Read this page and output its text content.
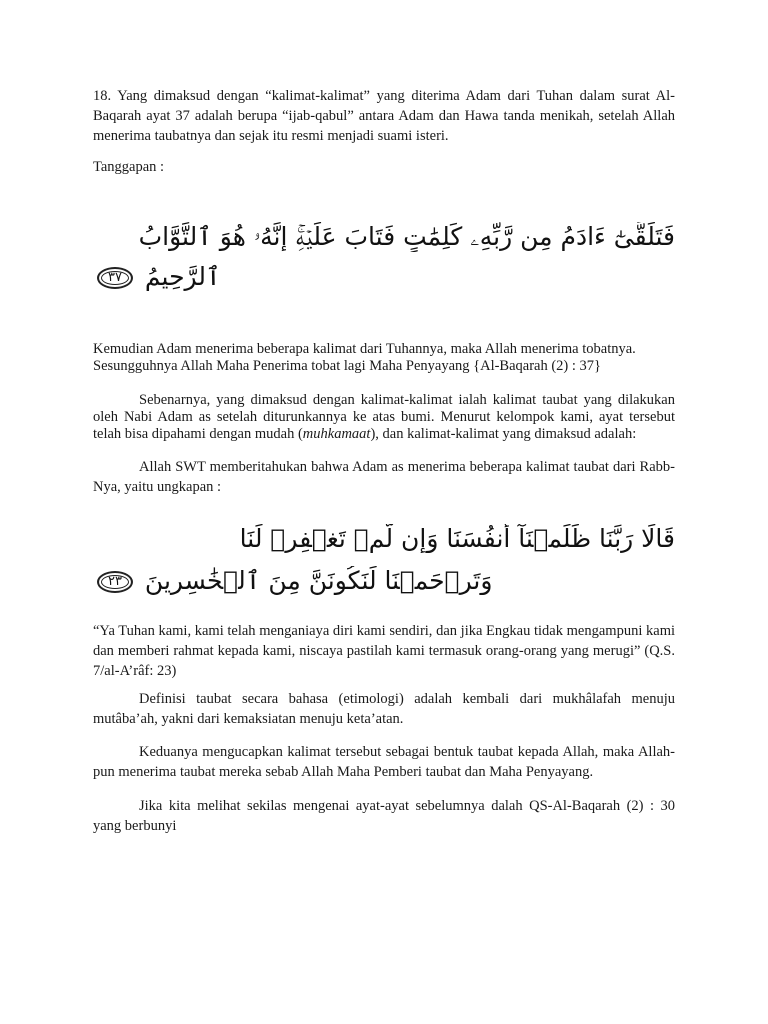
18. Yang dimaksud dengan “kalimat-kalimat” yang diterima Adam dari Tuhan dalam surat Al-Baqarah ayat 37 adalah berupa “ijab-qabul” antara Adam dan Hawa tanda menikah, setelah Allah menerima taubatnya dan sejak itu resmi menjadi suami isteri.
Tanggapan :
فَتَلَقَّىٰٓ ءَادَمُ مِن رَّبِّهِۦ كَلِمَٰتٍ فَتَابَ عَلَيۡهِۚ إِنَّهُۥ هُوَ ٱلتَّوَّابُ
ٱلرَّحِيمُ ٣٧
Kemudian Adam menerima beberapa kalimat dari Tuhannya, maka Allah menerima tobatnya.
Sesungguhnya Allah Maha Penerima tobat lagi Maha Penyayang {Al-Baqarah (2) : 37}
Sebenarnya, yang dimaksud dengan kalimat-kalimat ialah kalimat taubat yang dilakukan oleh Nabi Adam as setelah diturunkannya ke atas bumi. Menurut kelompok kami, ayat tersebut telah bisa dipahami dengan mudah (muhkamaat), dan kalimat-kalimat yang dimaksud adalah:
Allah SWT memberitahukan bahwa Adam as menerima beberapa kalimat taubat dari Rabb-Nya, yaitu ungkapan :
قَالَا رَبَّنَا ظَلَمۡنَآ أَنفُسَنَا وَإِن لَّمۡ تَغۡفِرۡ لَنَا
وَتَرۡحَمۡنَا لَنَكُونَنَّ مِنَ ٱلۡخَٰسِرِينَ ٢٣
“Ya Tuhan kami, kami telah menganiaya diri kami sendiri, dan jika Engkau tidak mengampuni kami dan memberi rahmat kepada kami, niscaya pastilah kami termasuk orang-orang yang merugi” (Q.S. 7/al-A’râf: 23)
Definisi taubat secara bahasa (etimologi) adalah kembali dari mukhâlafah menuju mutâba’ah, yakni dari kemaksiatan menuju keta’atan.
Keduanya mengucapkan kalimat tersebut sebagai bentuk taubat kepada Allah, maka Allah-pun menerima taubat mereka sebab Allah Maha Pemberi taubat dan Maha Penyayang.
Jika kita melihat sekilas mengenai ayat-ayat sebelumnya dalah QS-Al-Baqarah (2) : 30 yang berbunyi
